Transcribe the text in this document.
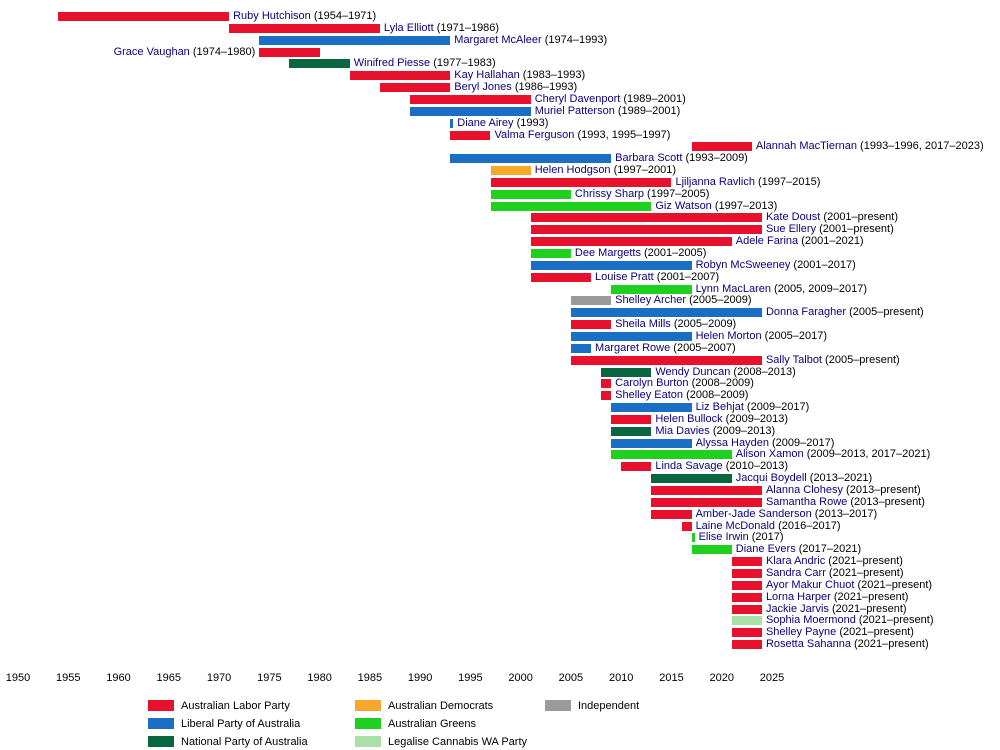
Ruby Hutchison (1954–1971)
Lyla Elliott (1971–1986)
Margaret McAleer (1974–1993)
Grace Vaughan (1974–1980)
Winifred Piesse (1977–1983)
Kay Hallahan (1983–1993)
Beryl Jones (1986–1993)
Cheryl Davenport (1989–2001)
Muriel Patterson (1989–2001)
Diane Airey (1993)
Valma Ferguson (1993, 1995–1997)
Alannah MacTiernan (1993–1996, 2017–2023)
Barbara Scott (1993–2009)
Helen Hodgson (1997–2001)
Ljiljanna Ravlich (1997–2015)
Chrissy Sharp (1997–2005)
Giz Watson (1997–2013)
Kate Doust (2001–present)
Sue Ellery (2001–present)
Adele Farina (2001–2021)
Dee Margetts (2001–2005)
Robyn McSweeney (2001–2017)
Louise Pratt (2001–2007)
Lynn MacLaren (2005, 2009–2017)
Shelley Archer (2005–2009)
Donna Faragher (2005–present)
Sheila Mills (2005–2009)
Helen Morton (2005–2017)
Margaret Rowe (2005–2007)
Sally Talbot (2005–present)
Wendy Duncan (2008–2013)
Carolyn Burton (2008–2009)
Shelley Eaton (2008–2009)
Liz Behjat (2009–2017)
Helen Bullock (2009–2013)
Mia Davies (2009–2013)
Alyssa Hayden (2009–2017)
Alison Xamon (2009–2013, 2017–2021)
Linda Savage (2010–2013)
Jacqui Boydell (2013–2021)
Alanna Clohesy (2013–present)
Samantha Rowe (2013–present)
Amber-Jade Sanderson (2013–2017)
Laine McDonald (2016–2017)
Elise Irwin (2017)
Diane Evers (2017–2021)
Klara Andric (2021–present)
Sandra Carr (2021–present)
Ayor Makur Chuot (2021–present)
Lorna Harper (2021–present)
Jackie Jarvis (2021–present)
Sophia Moermond (2021–present)
Shelley Payne (2021–present)
Rosetta Sahanna (2021–present)
1950 1955 1960 1965 1970 1975 1980 1985 1990 1995 2000 2005 2010 2015 2020 2025
Australian Labor Party
Liberal Party of Australia
National Party of Australia
Australian Democrats
Australian Greens
Legalise Cannabis WA Party
Independent
